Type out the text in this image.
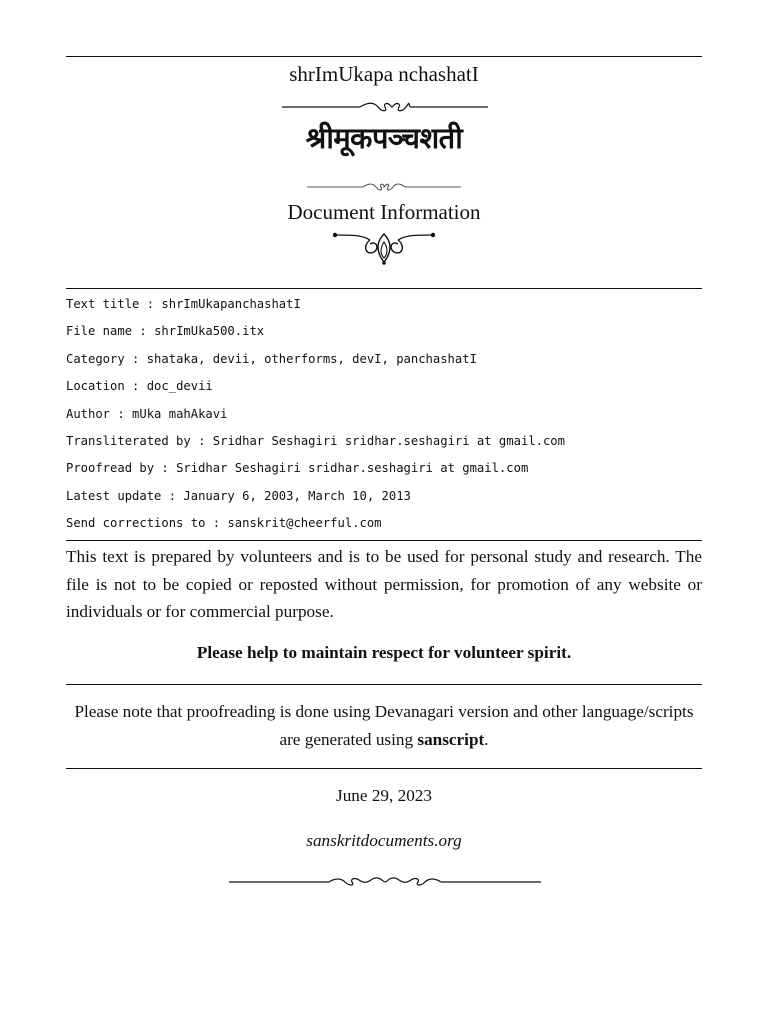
shrImUkapa nchashatI
श्रीमूकपञ्चशती
Document Information
Text title : shrImUkapanchashatI
File name : shrImUka500.itx
Category : shataka, devii, otherforms, devI, panchashatI
Location : doc_devii
Author : mUka mahAkavi
Transliterated by : Sridhar Seshagiri sridhar.seshagiri at gmail.com
Proofread by : Sridhar Seshagiri sridhar.seshagiri at gmail.com
Latest update : January 6, 2003, March 10, 2013
Send corrections to : sanskrit@cheerful.com
This text is prepared by volunteers and is to be used for personal study and research. The file is not to be copied or reposted without permission, for promotion of any website or individuals or for commercial purpose.
Please help to maintain respect for volunteer spirit.
Please note that proofreading is done using Devanagari version and other language/scripts are generated using sanscript.
June 29, 2023
sanskritdocuments.org
